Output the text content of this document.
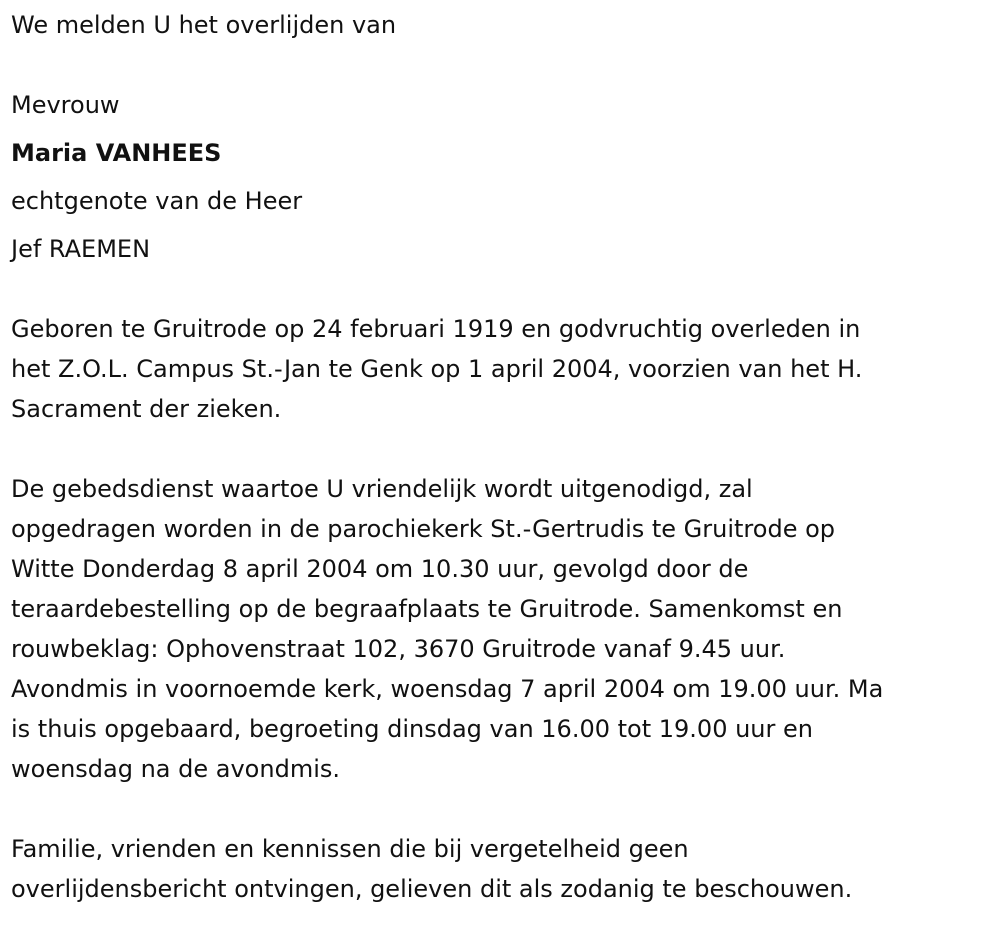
We melden U het overlijden van

Mevrouw

Maria VANHEES

echtgenote van de Heer

Jef RAEMEN

Geboren te Gruitrode op 24 februari 1919 en godvruchtig overleden in
het Z.O.L. Campus St.-Jan te Genk op 1 april 2004, voorzien van het H.
Sacrament der zieken.
De gebedsdienst waartoe U vriendelijk wordt uitgenodigd, zal
opgedragen worden in de parochiekerk St.-Gertrudis te Gruitrode op
Witte Donderdag 8 april 2004 om 10.30 uur, gevolgd door de
teraardebestelling op de begraafplaats te Gruitrode. Samenkomst en
rouwbeklag: Ophovenstraat 102, 3670 Gruitrode vanaf 9.45 uur.
Avondmis in voornoemde kerk, woensdag 7 april 2004 om 19.00 uur. Ma
is thuis opgebaard, begroeting dinsdag van 16.00 tot 19.00 uur en
woensdag na de avondmis.
Familie, vrienden en kennissen die bij vergetelheid geen
overlijdensbericht ontvingen, gelieven dit als zodanig te beschouwen.
